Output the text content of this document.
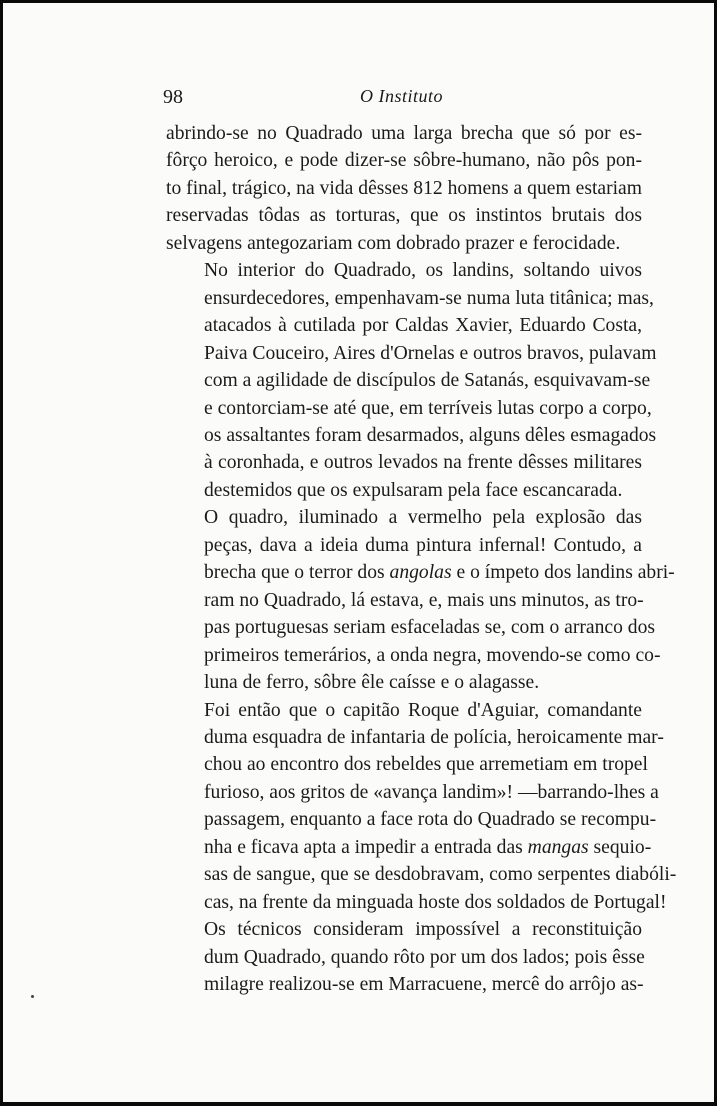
98	O Instituto
abrindo-se no Quadrado uma larga brecha que só por es-
fôrço heroico, e pode dizer-se sôbre-humano, não pôs pon-
to final, trágico, na vida dêsses 812 homens a quem estariam
reservadas tôdas as torturas, que os instintos brutais dos
selvagens antegozariam com dobrado prazer e ferocidade.
No interior do Quadrado, os landins, soltando uivos
ensurdecedores, empenhavam-se numa luta titânica; mas,
atacados à cutilada por Caldas Xavier, Eduardo Costa,
Paiva Couceiro, Aires d'Ornelas e outros bravos, pulavam
com a agilidade de discípulos de Satanás, esquivavam-se
e contorciam-se até que, em terríveis lutas corpo a corpo,
os assaltantes foram desarmados, alguns dêles esmagados
à coronhada, e outros levados na frente dêsses militares
destemidos que os expulsaram pela face escancarada.
O quadro, iluminado a vermelho pela explosão das
peças, dava a ideia duma pintura infernal! Contudo, a
brecha que o terror dos angolas e o ímpeto dos landins abri-
ram no Quadrado, lá estava, e, mais uns minutos, as tro-
pas portuguesas seriam esfaceladas se, com o arranco dos
primeiros temerários, a onda negra, movendo-se como co-
luna de ferro, sôbre êle caísse e o alagasse.
Foi então que o capitão Roque d'Aguiar, comandante
duma esquadra de infantaria de polícia, heroicamente mar-
chou ao encontro dos rebeldes que arremetiam em tropel
furioso, aos gritos de «avança landim»! —barrando-lhes a
passagem, enquanto a face rota do Quadrado se recompu-
nha e ficava apta a impedir a entrada das mangas sequio-
sas de sangue, que se desdobravam, como serpentes diabóli-
cas, na frente da minguada hoste dos soldados de Portugal!
Os técnicos consideram impossível a reconstituição
dum Quadrado, quando rôto por um dos lados; pois êsse
milagre realizou-se em Marracuene, mercê do arrôjo as-
